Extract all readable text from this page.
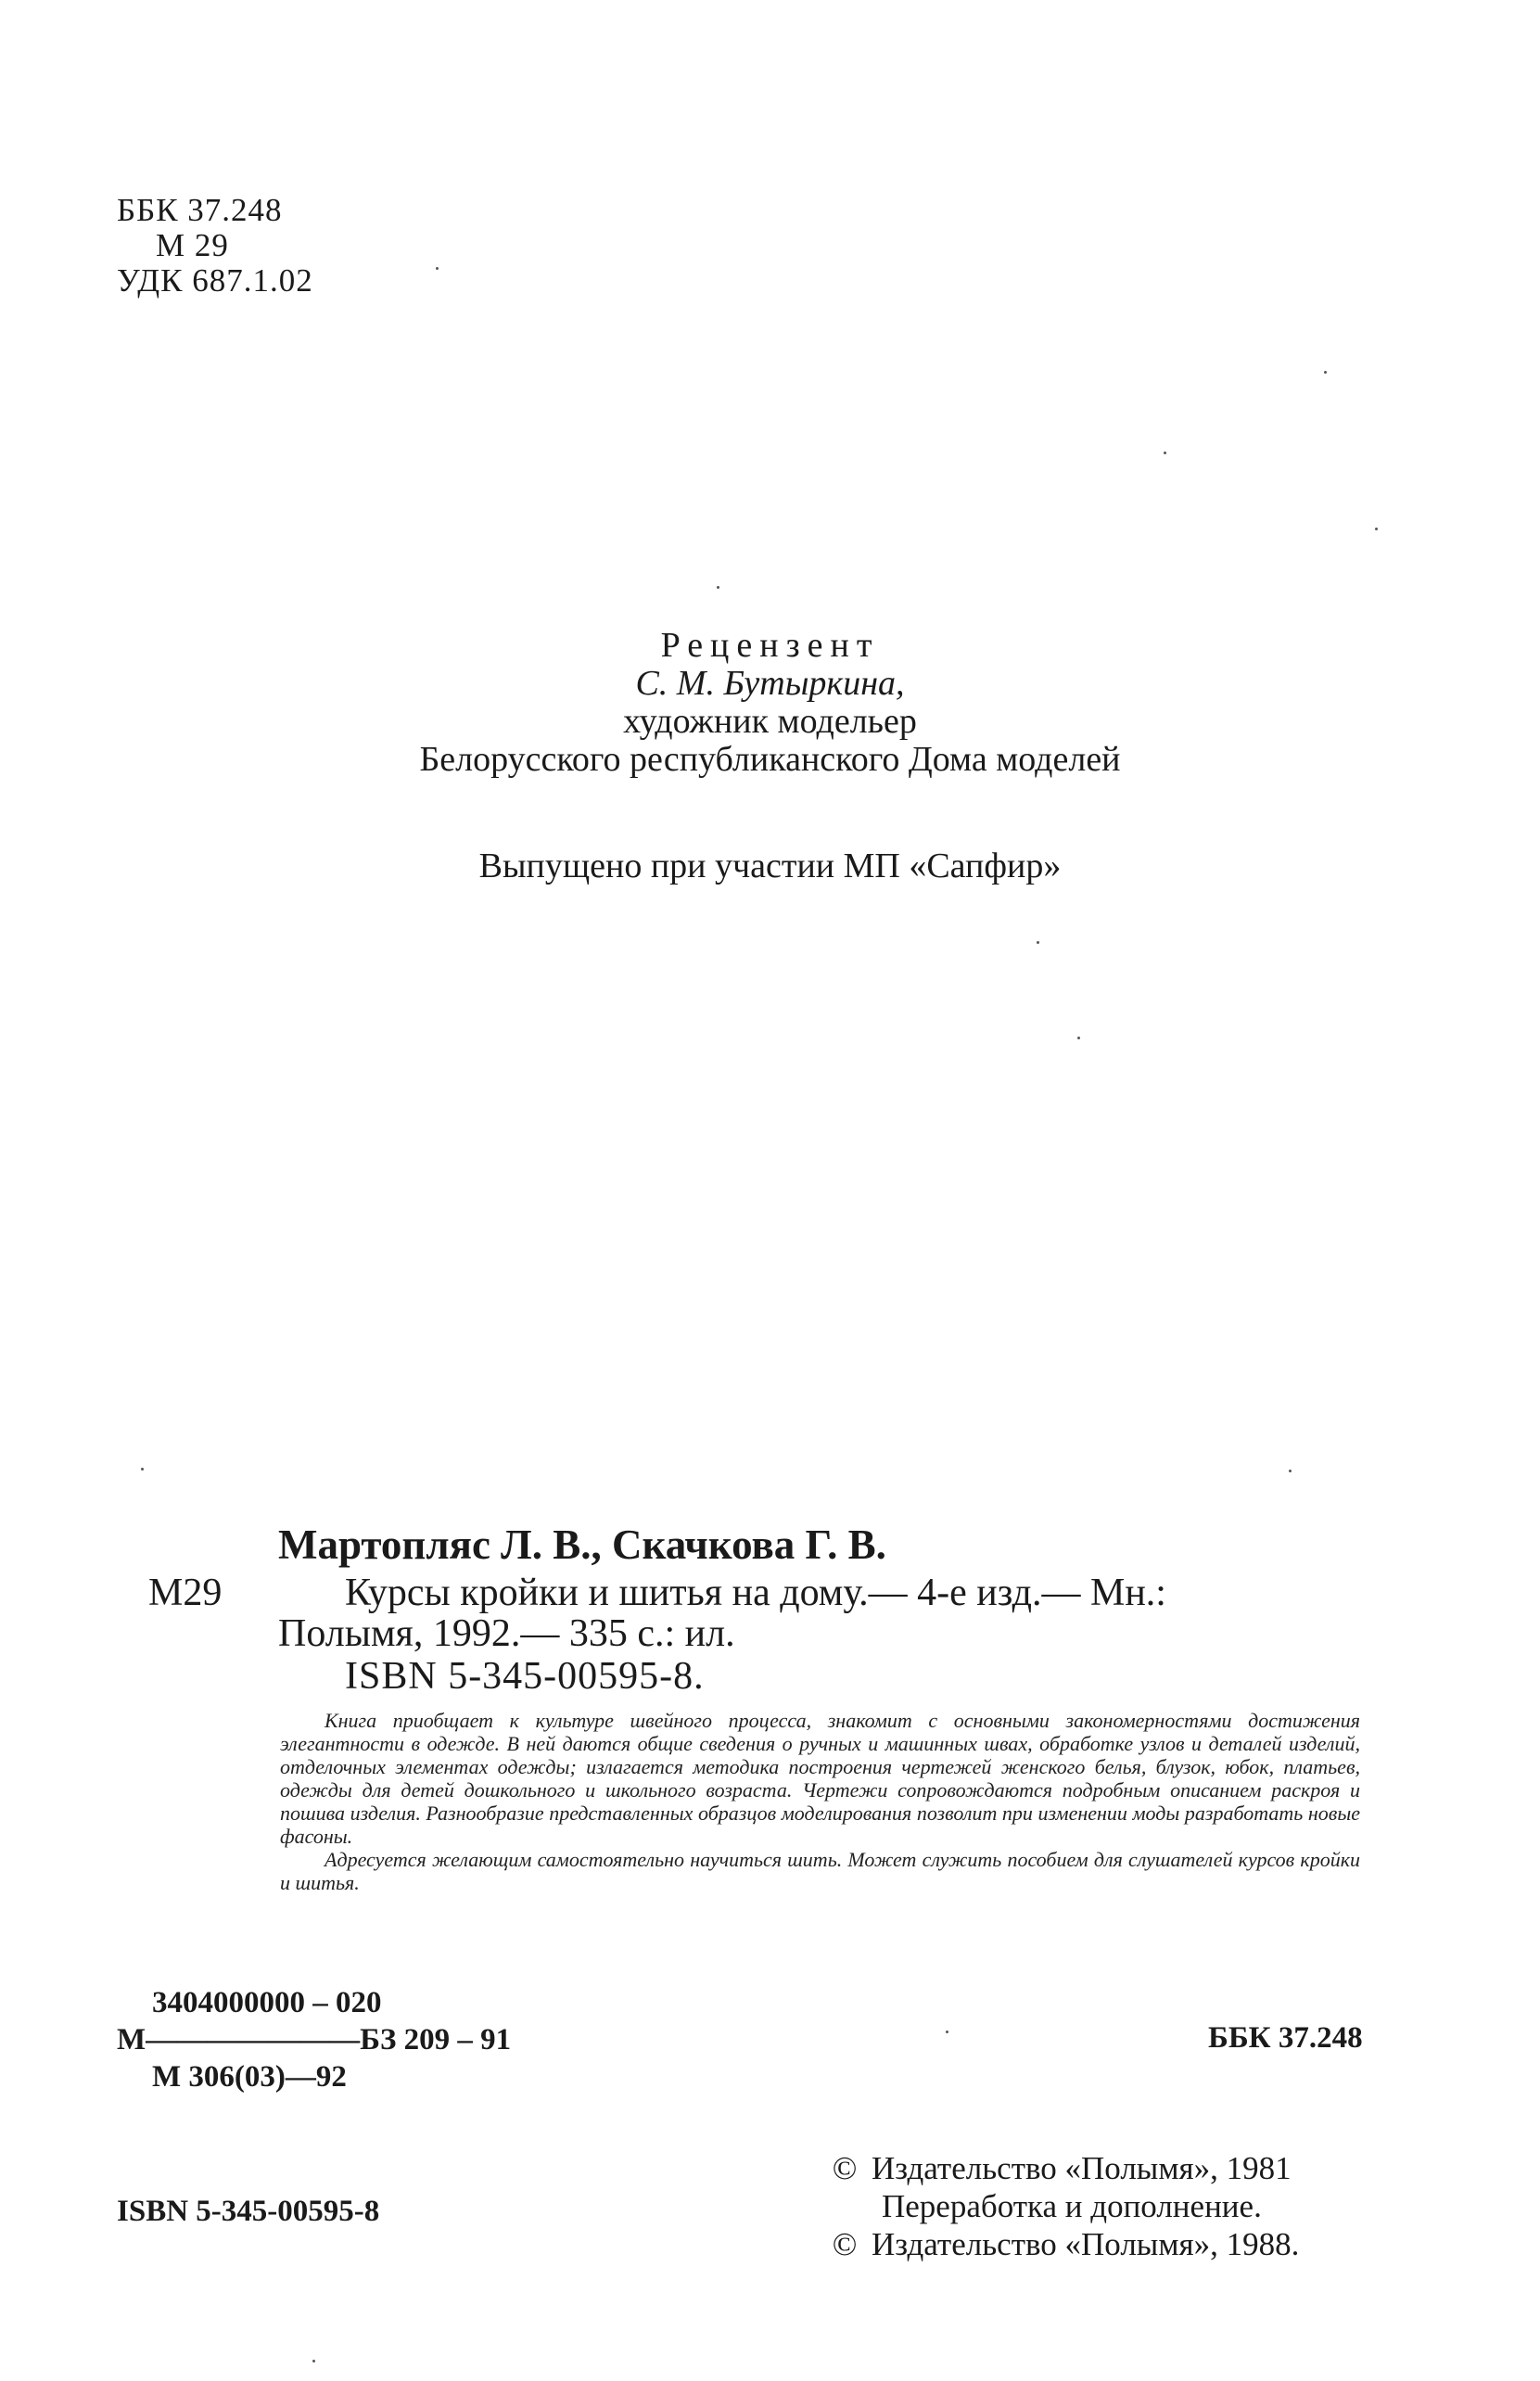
ББК 37.248
М 29
УДК 687.1.02
Рецензент
С. М. Бутыркина,
художник модельер
Белорусского республиканского Дома моделей
Выпущено при участии МП «Сапфир»
Мартопляс Л. В., Скачкова Г. В.
М29	Курсы кройки и шитья на дому.— 4-е изд.— Мн.:
Полымя, 1992.— 335 с.: ил.
ISBN 5-345-00595-8.

Книга приобщает к культуре швейного процесса, знакомит с основными закономерностями достижения элегантности в одежде. В ней даются общие сведения о ручных и машинных швах, обработке узлов и деталей изделий, отделочных элементах одежды; излагается методика построения чертежей женского белья, блузок, юбок, платьев, одежды для детей дошкольного и школьного возраста. Чертежи сопровождаются подробным описанием раскроя и пошива изделия. Разнообразие представленных образцов моделирования позволит при изменении моды разработать новые фасоны.

Адресуется желающим самостоятельно научиться шить. Может служить пособием для слушателей курсов кройки и шитья.

3404000000 – 020
М———————БЗ 209 – 91
М 306(03)—92
ББК 37.248
© Издательство «Полымя», 1981
Переработка и дополнение.
© Издательство «Полымя», 1988.
ISBN 5-345-00595-8
